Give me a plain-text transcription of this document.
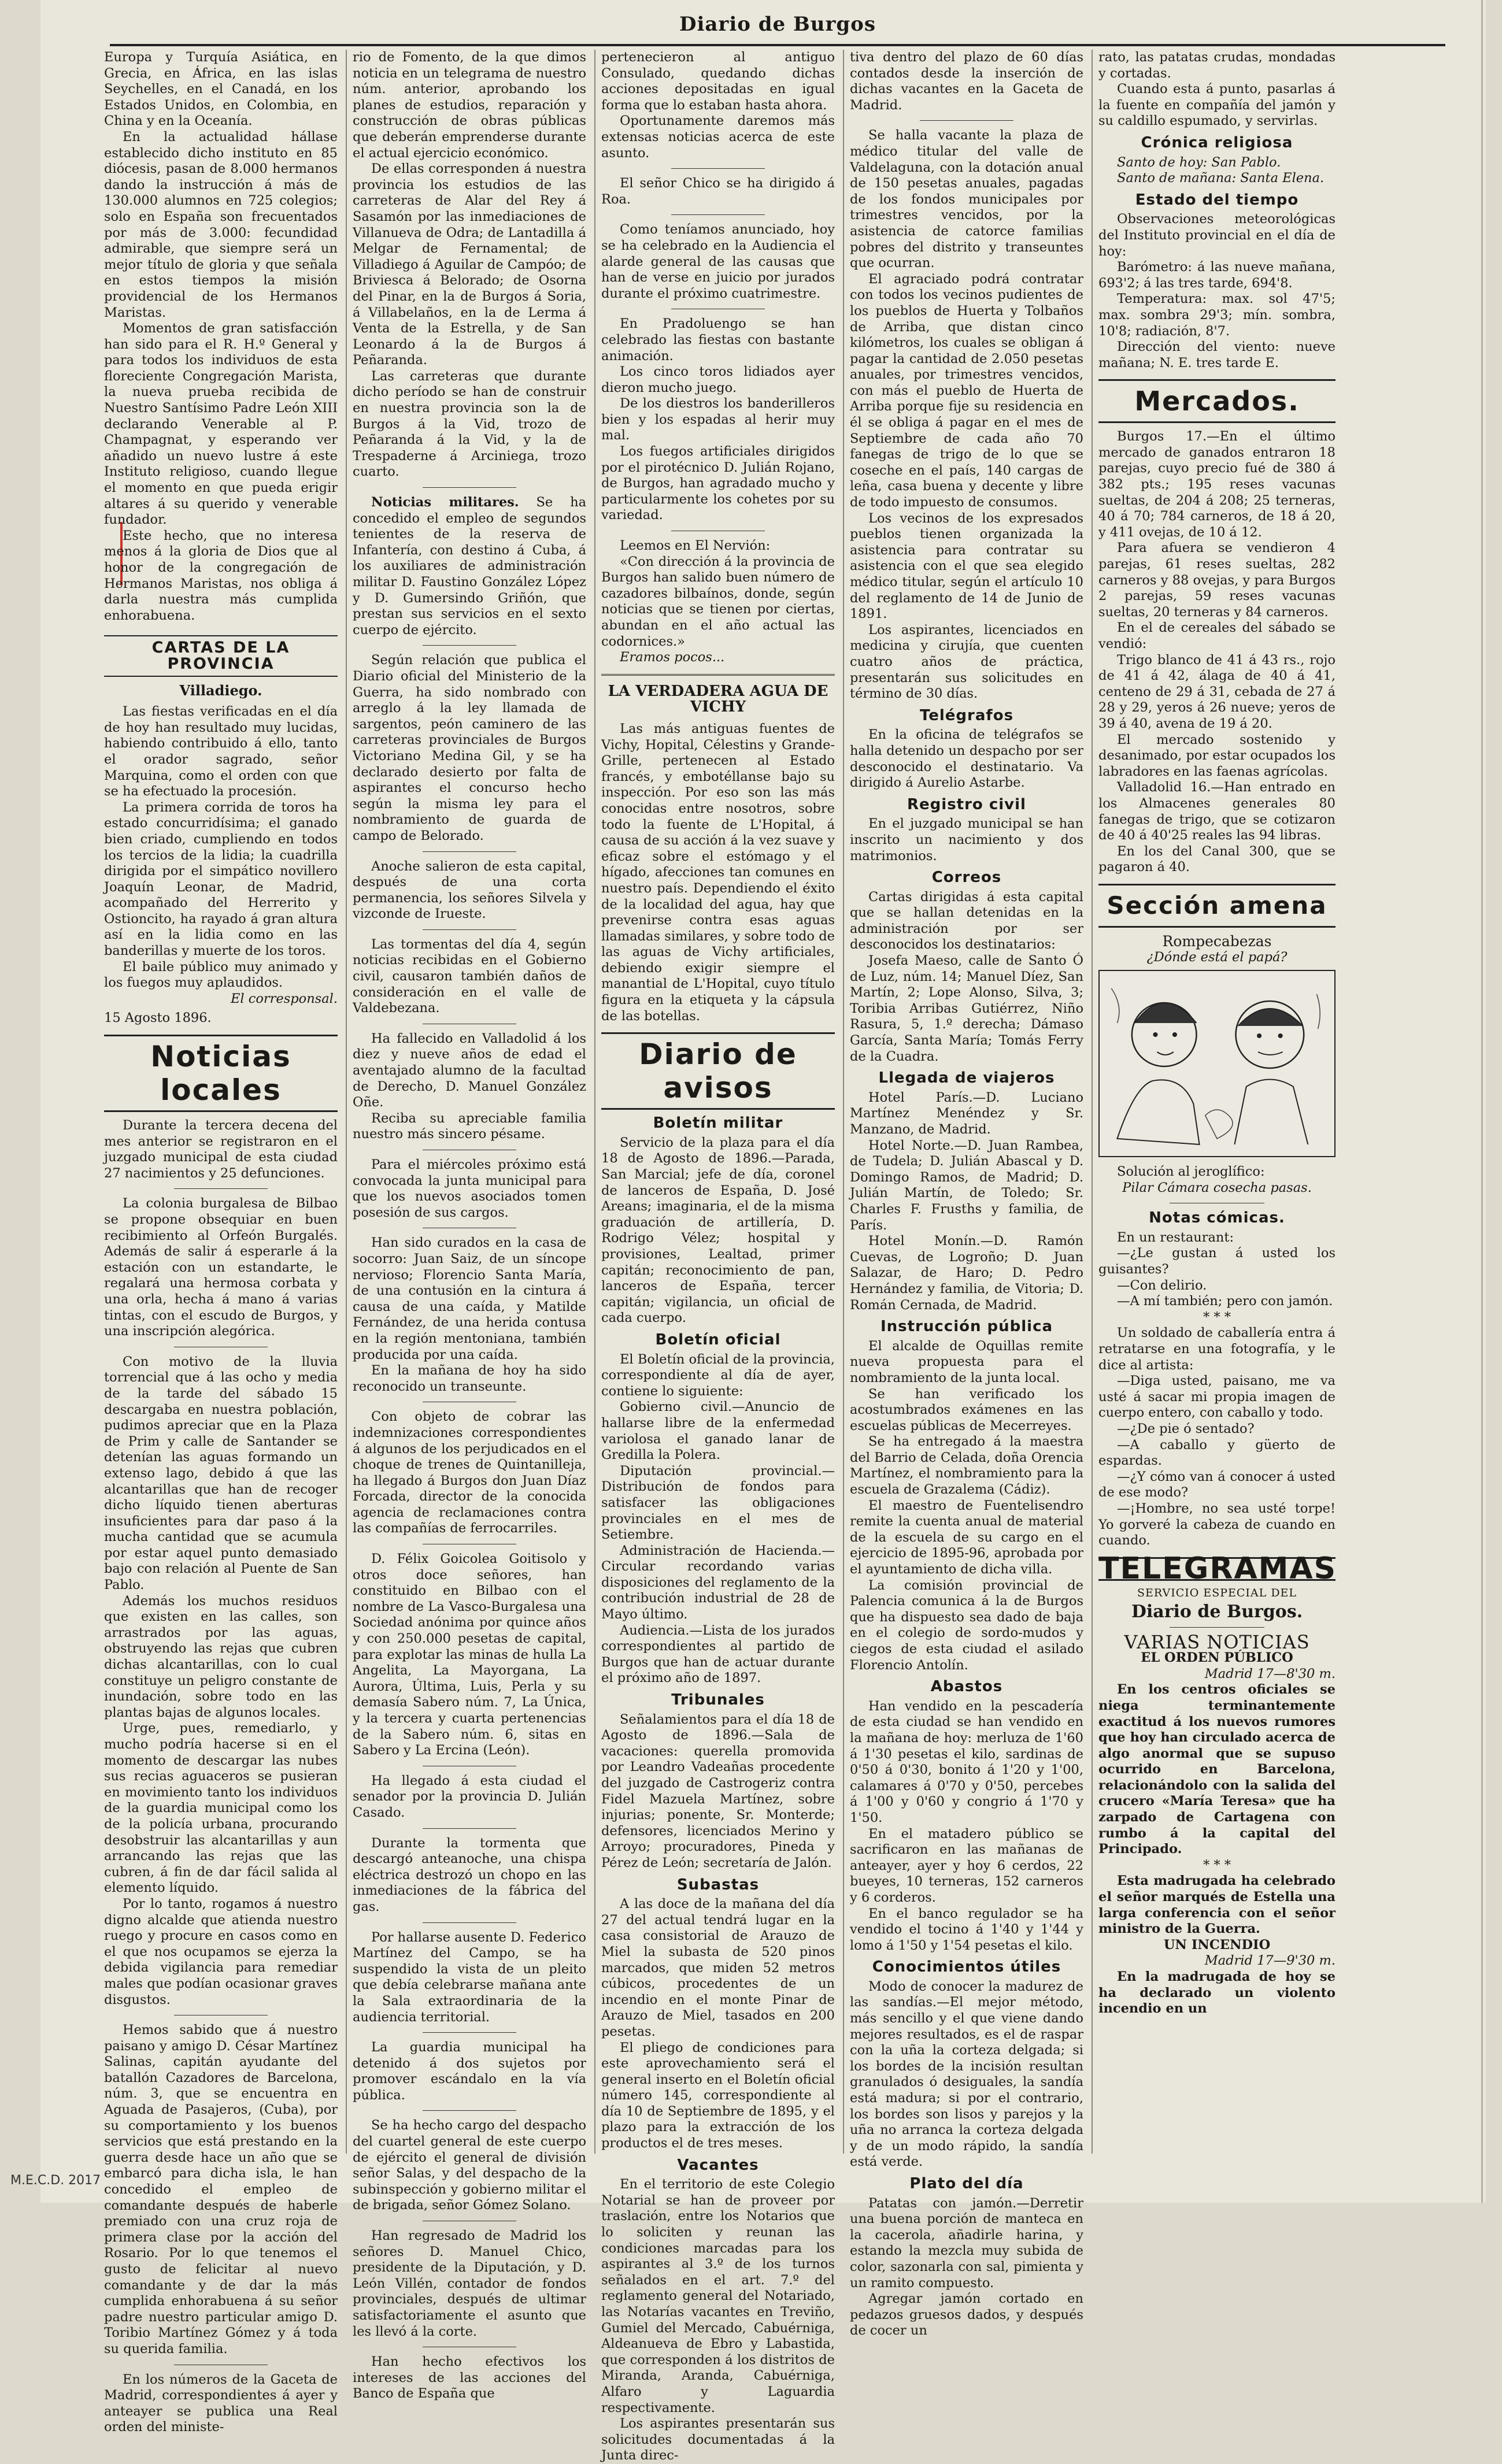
Diario de Burgos

Europa y Turquía Asiática, en Grecia, en África, en las islas Seychelles, en el Canadá, en los Estados Unidos, en Colombia, en China y en la Oceanía.

En la actualidad hállase establecido dicho instituto en 85 diócesis, pasan de 8.000 hermanos dando la instrucción á más de 130.000 alumnos en 725 colegios; solo en España son frecuentados por más de 3.000: fecundidad admirable, que siempre será un mejor título de gloria y que señala en estos tiempos la misión providencial de los Hermanos Maristas.

Momentos de gran satisfacción han sido para el R. H.º General y para todos los individuos de esta floreciente Congregación Marista, la nueva prueba recibida de Nuestro Santísimo Padre León XIII declarando Venerable al P. Champagnat, y esperando ver añadido un nuevo lustre á este Instituto religioso, cuando llegue el momento en que pueda erigir altares á su querido y venerable fundador.

Este hecho, que no interesa menos á la gloria de Dios que al honor de la congregación de Hermanos Maristas, nos obliga á darla nuestra más cumplida enhorabuena.

CARTAS DE LA PROVINCIA
Villadiego.

Las fiestas verificadas en el día de hoy han resultado muy lucidas, habiendo contribuido á ello, tanto el orador sagrado, señor Marquina, como el orden con que se ha efectuado la procesión.

La primera corrida de toros ha estado concurridísima; el ganado bien criado, cumpliendo en todos los tercios de la lidia; la cuadrilla dirigida por el simpático novillero Joaquín Leonar, de Madrid, acompañado del Herrerito y Ostioncito, ha rayado á gran altura así en la lidia como en las banderillas y muerte de los toros.

El baile público muy animado y los fuegos muy aplaudidos.

El corresponsal.

15 Agosto 1896.

Noticias locales

Durante la tercera decena del mes anterior se registraron en el juzgado municipal de esta ciudad 27 nacimientos y 25 defunciones.

La colonia burgalesa de Bilbao se propone obsequiar en buen recibimiento al Orfeón Burgalés. Además de salir á esperarle á la estación con un estandarte, le regalará una hermosa corbata y una orla, hecha á mano á varias tintas, con el escudo de Burgos, y una inscripción alegórica.

Con motivo de la lluvia torrencial que á las ocho y media de la tarde del sábado 15 descargaba en nuestra población, pudimos apreciar que en la Plaza de Prim y calle de Santander se detenían las aguas formando un extenso lago, debido á que las alcantarillas que han de recoger dicho líquido tienen aberturas insuficientes para dar paso á la mucha cantidad que se acumula por estar aquel punto demasiado bajo con relación al Puente de San Pablo.

Además los muchos residuos que existen en las calles, son arrastrados por las aguas, obstruyendo las rejas que cubren dichas alcantarillas, con lo cual constituye un peligro constante de inundación, sobre todo en las plantas bajas de algunos locales.

Urge, pues, remediarlo, y mucho podría hacerse si en el momento de descargar las nubes sus recias aguaceros se pusieran en movimiento tanto los individuos de la guardia municipal como los de la policía urbana, procurando desobstruir las alcantarillas y aun arrancando las rejas que las cubren, á fin de dar fácil salida al elemento líquido.

Por lo tanto, rogamos á nuestro digno alcalde que atienda nuestro ruego y procure en casos como en el que nos ocupamos se ejerza la debida vigilancia para remediar males que podían ocasionar graves disgustos.

Hemos sabido que á nuestro paisano y amigo D. César Martínez Salinas, capitán ayudante del batallón Cazadores de Barcelona, núm. 3, que se encuentra en Aguada de Pasajeros, (Cuba), por su comportamiento y los buenos servicios que está prestando en la guerra desde hace un año que se embarcó para dicha isla, le han concedido el empleo de comandante después de haberle premiado con una cruz roja de primera clase por la acción del Rosario. Por lo que tenemos el gusto de felicitar al nuevo comandante y de dar la más cumplida enhorabuena á su señor padre nuestro particular amigo D. Toribio Martínez Gómez y á toda su querida familia.

En los números de la Gaceta de Madrid, correspondientes á ayer y anteayer se publica una Real orden del ministe-

rio de Fomento, de la que dimos noticia en un telegrama de nuestro núm. anterior, aprobando los planes de estudios, reparación y construcción de obras públicas que deberán emprenderse durante el actual ejercicio económico.

De ellas corresponden á nuestra provincia los estudios de las carreteras de Alar del Rey á Sasamón por las inmediaciones de Villanueva de Odra; de Lantadilla á Melgar de Fernamental; de Villadiego á Aguilar de Campóo; de Briviesca á Belorado; de Osorna del Pinar, en la de Burgos á Soria, á Villabelaños, en la de Lerma á Venta de la Estrella, y de San Leonardo á la de Burgos á Peñaranda.

Las carreteras que durante dicho período se han de construir en nuestra provincia son la de Burgos á la Vid, trozo de Peñaranda á la Vid, y la de Trespaderne á Arciniega, trozo cuarto.

Noticias militares. Se ha concedido el empleo de segundos tenientes de la reserva de Infantería, con destino á Cuba, á los auxiliares de administración militar D. Faustino González López y D. Gumersindo Griñón, que prestan sus servicios en el sexto cuerpo de ejército.

Según relación que publica el Diario oficial del Ministerio de la Guerra, ha sido nombrado con arreglo á la ley llamada de sargentos, peón caminero de las carreteras provinciales de Burgos Victoriano Medina Gil, y se ha declarado desierto por falta de aspirantes el concurso hecho según la misma ley para el nombramiento de guarda de campo de Belorado.

Anoche salieron de esta capital, después de una corta permanencia, los señores Silvela y vizconde de Irueste.

Las tormentas del día 4, según noticias recibidas en el Gobierno civil, causaron también daños de consideración en el valle de Valdebezana.

Ha fallecido en Valladolid á los diez y nueve años de edad el aventajado alumno de la facultad de Derecho, D. Manuel González Oñe.

Reciba su apreciable familia nuestro más sincero pésame.

Para el miércoles próximo está convocada la junta municipal para que los nuevos asociados tomen posesión de sus cargos.

Han sido curados en la casa de socorro: Juan Saiz, de un síncope nervioso; Florencio Santa María, de una contusión en la cintura á causa de una caída, y Matilde Fernández, de una herida contusa en la región mentoniana, también producida por una caída.

En la mañana de hoy ha sido reconocido un transeunte.

Con objeto de cobrar las indemnizaciones correspondientes á algunos de los perjudicados en el choque de trenes de Quintanilleja, ha llegado á Burgos don Juan Díaz Forcada, director de la conocida agencia de reclamaciones contra las compañías de ferrocarriles.

D. Félix Goicolea Goitisolo y otros doce señores, han constituido en Bilbao con el nombre de La Vasco-Burgalesa una Sociedad anónima por quince años y con 250.000 pesetas de capital, para explotar las minas de hulla La Angelita, La Mayorgana, La Aurora, Última, Luis, Perla y su demasía Sabero núm. 7, La Única, y la tercera y cuarta pertenencias de la Sabero núm. 6, sitas en Sabero y La Ercina (León).

Ha llegado á esta ciudad el senador por la provincia D. Julián Casado.

Durante la tormenta que descargó anteanoche, una chispa eléctrica destrozó un chopo en las inmediaciones de la fábrica del gas.

Por hallarse ausente D. Federico Martínez del Campo, se ha suspendido la vista de un pleito que debía celebrarse mañana ante la Sala extraordinaria de la audiencia territorial.

La guardia municipal ha detenido á dos sujetos por promover escándalo en la vía pública.

Se ha hecho cargo del despacho del cuartel general de este cuerpo de ejército el general de división señor Salas, y del despacho de la subinspección y gobierno militar el de brigada, señor Gómez Solano.

Han regresado de Madrid los señores D. Manuel Chico, presidente de la Diputación, y D. León Villén, contador de fondos provinciales, después de ultimar satisfactoriamente el asunto que les llevó á la corte.

Han hecho efectivos los intereses de las acciones del Banco de España que

pertenecieron al antiguo Consulado, quedando dichas acciones depositadas en igual forma que lo estaban hasta ahora.

Oportunamente daremos más extensas noticias acerca de este asunto.

El señor Chico se ha dirigido á Roa.

Como teníamos anunciado, hoy se ha celebrado en la Audiencia el alarde general de las causas que han de verse en juicio por jurados durante el próximo cuatrimestre.

En Pradoluengo se han celebrado las fiestas con bastante animación.

Los cinco toros lidiados ayer dieron mucho juego.

De los diestros los banderilleros bien y los espadas al herir muy mal.

Los fuegos artificiales dirigidos por el pirotécnico D. Julián Rojano, de Burgos, han agradado mucho y particularmente los cohetes por su variedad.

Leemos en El Nervión:

«Con dirección á la provincia de Burgos han salido buen número de cazadores bilbaínos, donde, según noticias que se tienen por ciertas, abundan en el año actual las codornices.»

Eramos pocos...

LA VERDADERA AGUA DE VICHY

Las más antiguas fuentes de Vichy, Hopital, Célestins y Grande-Grille, pertenecen al Estado francés, y embotéllanse bajo su inspección. Por eso son las más conocidas entre nosotros, sobre todo la fuente de L'Hopital, á causa de su acción á la vez suave y eficaz sobre el estómago y el hígado, afecciones tan comunes en nuestro país. Dependiendo el éxito de la localidad del agua, hay que prevenirse contra esas aguas llamadas similares, y sobre todo de las aguas de Vichy artificiales, debiendo exigir siempre el manantial de L'Hopital, cuyo título figura en la etiqueta y la cápsula de las botellas.

Diario de avisos
Boletín militar

Servicio de la plaza para el día 18 de Agosto de 1896.—Parada, San Marcial; jefe de día, coronel de lanceros de España, D. José Areans; imaginaria, el de la misma graduación de artillería, D. Rodrigo Vélez; hospital y provisiones, Lealtad, primer capitán; reconocimiento de pan, lanceros de España, tercer capitán; vigilancia, un oficial de cada cuerpo.

Boletín oficial

El Boletín oficial de la provincia, correspondiente al día de ayer, contiene lo siguiente:

Gobierno civil.—Anuncio de hallarse libre de la enfermedad variolosa el ganado lanar de Gredilla la Polera.

Diputación provincial.—Distribución de fondos para satisfacer las obligaciones provinciales en el mes de Setiembre.

Administración de Hacienda.—Circular recordando varias disposiciones del reglamento de la contribución industrial de 28 de Mayo último.

Audiencia.—Lista de los jurados correspondientes al partido de Burgos que han de actuar durante el próximo año de 1897.

Tribunales

Señalamientos para el día 18 de Agosto de 1896.—Sala de vacaciones: querella promovida por Leandro Vadeañas procedente del juzgado de Castrogeriz contra Fidel Mazuela Martínez, sobre injurias; ponente, Sr. Monterde; defensores, licenciados Merino y Arroyo; procuradores, Pineda y Pérez de León; secretaría de Jalón.

Subastas

A las doce de la mañana del día 27 del actual tendrá lugar en la casa consistorial de Arauzo de Miel la subasta de 520 pinos marcados, que miden 52 metros cúbicos, procedentes de un incendio en el monte Pinar de Arauzo de Miel, tasados en 200 pesetas.

El pliego de condiciones para este aprovechamiento será el general inserto en el Boletín oficial número 145, correspondiente al día 10 de Septiembre de 1895, y el plazo para la extracción de los productos el de tres meses.

Vacantes

En el territorio de este Colegio Notarial se han de proveer por traslación, entre los Notarios que lo soliciten y reunan las condiciones marcadas para los aspirantes al 3.º de los turnos señalados en el art. 7.º del reglamento general del Notariado, las Notarías vacantes en Treviño, Gumiel del Mercado, Cabuérniga, Aldeanueva de Ebro y Labastida, que corresponden á los distritos de Miranda, Aranda, Cabuérniga, Alfaro y Laguardia respectivamente.

Los aspirantes presentarán sus solicitudes documentadas á la Junta direc-

tiva dentro del plazo de 60 días contados desde la inserción de dichas vacantes en la Gaceta de Madrid.

Se halla vacante la plaza de médico titular del valle de Valdelaguna, con la dotación anual de 150 pesetas anuales, pagadas de los fondos municipales por trimestres vencidos, por la asistencia de catorce familias pobres del distrito y transeuntes que ocurran.

El agraciado podrá contratar con todos los vecinos pudientes de los pueblos de Huerta y Tolbaños de Arriba, que distan cinco kilómetros, los cuales se obligan á pagar la cantidad de 2.050 pesetas anuales, por trimestres vencidos, con más el pueblo de Huerta de Arriba porque fije su residencia en él se obliga á pagar en el mes de Septiembre de cada año 70 fanegas de trigo de lo que se coseche en el país, 140 cargas de leña, casa buena y decente y libre de todo impuesto de consumos.

Los vecinos de los expresados pueblos tienen organizada la asistencia para contratar su asistencia con el que sea elegido médico titular, según el artículo 10 del reglamento de 14 de Junio de 1891.

Los aspirantes, licenciados en medicina y cirujía, que cuenten cuatro años de práctica, presentarán sus solicitudes en término de 30 días.

Telégrafos

En la oficina de telégrafos se halla detenido un despacho por ser desconocido el destinatario. Va dirigido á Aurelio Astarbe.

Registro civil

En el juzgado municipal se han inscrito un nacimiento y dos matrimonios.

Correos

Cartas dirigidas á esta capital que se hallan detenidas en la administración por ser desconocidos los destinatarios:

Josefa Maeso, calle de Santo Ó de Luz, núm. 14; Manuel Díez, San Martín, 2; Lope Alonso, Silva, 3; Toribia Arribas Gutiérrez, Niño Rasura, 5, 1.º derecha; Dámaso García, Santa María; Tomás Ferry de la Cuadra.

Llegada de viajeros

Hotel París.—D. Luciano Martínez Menéndez y Sr. Manzano, de Madrid.

Hotel Norte.—D. Juan Rambea, de Tudela; D. Julián Abascal y D. Domingo Ramos, de Madrid; D. Julián Martín, de Toledo; Sr. Charles F. Frusths y familia, de París.

Hotel Monín.—D. Ramón Cuevas, de Logroño; D. Juan Salazar, de Haro; D. Pedro Hernández y familia, de Vitoria; D. Román Cernada, de Madrid.

Instrucción pública

El alcalde de Oquillas remite nueva propuesta para el nombramiento de la junta local.

Se han verificado los acostumbrados exámenes en las escuelas públicas de Mecerreyes.

Se ha entregado á la maestra del Barrio de Celada, doña Orencia Martínez, el nombramiento para la escuela de Grazalema (Cádiz).

El maestro de Fuentelisendro remite la cuenta anual de material de la escuela de su cargo en el ejercicio de 1895-96, aprobada por el ayuntamiento de dicha villa.

La comisión provincial de Palencia comunica á la de Burgos que ha dispuesto sea dado de baja en el colegio de sordo-mudos y ciegos de esta ciudad el asilado Florencio Antolín.

Abastos

Han vendido en la pescadería de esta ciudad se han vendido en la mañana de hoy: merluza de 1'60 á 1'30 pesetas el kilo, sardinas de 0'50 á 0'30, bonito á 1'20 y 1'00, calamares á 0'70 y 0'50, percebes á 1'00 y 0'60 y congrio á 1'70 y 1'50.

En el matadero público se sacrificaron en las mañanas de anteayer, ayer y hoy 6 cerdos, 22 bueyes, 10 terneras, 152 carneros y 6 corderos.

En el banco regulador se ha vendido el tocino á 1'40 y 1'44 y lomo á 1'50 y 1'54 pesetas el kilo.

Conocimientos útiles

Modo de conocer la madurez de las sandías.—El mejor método, más sencillo y el que viene dando mejores resultados, es el de raspar con la uña la corteza delgada; si los bordes de la incisión resultan granulados ó desiguales, la sandía está madura; si por el contrario, los bordes son lisos y parejos y la uña no arranca la corteza delgada y de un modo rápido, la sandía está verde.

Plato del día

Patatas con jamón.—Derretir una buena porción de manteca en la cacerola, añadirle harina, y estando la mezcla muy subida de color, sazonarla con sal, pimienta y un ramito compuesto.

Agregar jamón cortado en pedazos gruesos dados, y después de cocer un

rato, las patatas crudas, mondadas y cortadas.

Cuando esta á punto, pasarlas á la fuente en compañía del jamón y su caldillo espumado, y servirlas.

Crónica religiosa

Santo de hoy: San Pablo.

Santo de mañana: Santa Elena.

Estado del tiempo

Observaciones meteorológicas del Instituto provincial en el día de hoy:

Barómetro: á las nueve mañana, 693'2; á las tres tarde, 694'8.

Temperatura: max. sol 47'5; max. sombra 29'3; mín. sombra, 10'8; radiación, 8'7.

Dirección del viento: nueve mañana; N. E. tres tarde E.

Mercados.

Burgos 17.—En el último mercado de ganados entraron 18 parejas, cuyo precio fué de 380 á 382 pts.; 195 reses vacunas sueltas, de 204 á 208; 25 terneras, 40 á 70; 784 carneros, de 18 á 20, y 411 ovejas, de 10 á 12.

Para afuera se vendieron 4 parejas, 61 reses sueltas, 282 carneros y 88 ovejas, y para Burgos 2 parejas, 59 reses vacunas sueltas, 20 terneras y 84 carneros.

En el de cereales del sábado se vendió:

Trigo blanco de 41 á 43 rs., rojo de 41 á 42, álaga de 40 á 41, centeno de 29 á 31, cebada de 27 á 28 y 29, yeros á 26 nueve; yeros de 39 á 40, avena de 19 á 20.

El mercado sostenido y desanimado, por estar ocupados los labradores en las faenas agrícolas.

Valladolid 16.—Han entrado en los Almacenes generales 80 fanegas de trigo, que se cotizaron de 40 á 40'25 reales las 94 libras.

En los del Canal 300, que se pagaron á 40.

Sección amena

Rompecabezas

¿Dónde está el papá?

Solución al jeroglífico:

Pilar Cámara cosecha pasas.

Notas cómicas.

En un restaurant:

—¿Le gustan á usted los guisantes?

—Con delirio.

—A mí también; pero con jamón.

* * *

Un soldado de caballería entra á retratarse en una fotografía, y le dice al artista:

—Diga usted, paisano, me va usté á sacar mi propia imagen de cuerpo entero, con caballo y todo.

—¿De pie ó sentado?

—A caballo y güerto de espardas.

—¿Y cómo van á conocer á usted de ese modo?

—¡Hombre, no sea usté torpe! Yo gorveré la cabeza de cuando en cuando.

TELEGRAMAS

SERVICIO ESPECIAL DEL

Diario de Burgos.

VARIAS NOTICIAS

EL ORDEN PÚBLICO

Madrid 17—8'30 m.

En los centros oficiales se niega terminantemente exactitud á los nuevos rumores que hoy han circulado acerca de algo anormal que se supuso ocurrido en Barcelona, relacionándolo con la salida del crucero «María Teresa» que ha zarpado de Cartagena con rumbo á la capital del Principado.

* * *

Esta madrugada ha celebrado el señor marqués de Estella una larga conferencia con el señor ministro de la Guerra.

UN INCENDIO

Madrid 17—9'30 m.

En la madrugada de hoy se ha declarado un violento incendio en un

M.E.C.D. 2017
